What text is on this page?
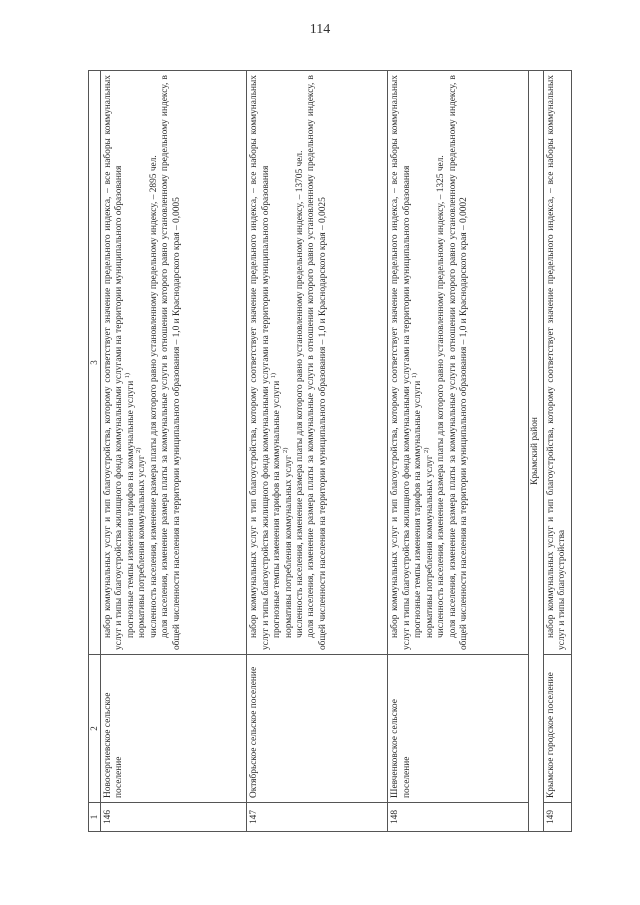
114
1	2	3
146	Новосергиевское сельское поселение	набор коммунальных услуг и тип благоустройства, которому соответствует значение предельного индекса, – все наборы коммунальных услуг и типы благоустройства жилищного фонда коммунальными услугами на территории муниципального образования прогнозные темпы изменения тарифов на коммунальные услуги $^{1)}$

нормативы потребления коммунальных услуг $^{2)}$ численность населения, изменение размера платы для которого равно установленному предельному индексу, – 2895 чел. доля населения, изменение размера платы за коммунальные услуги в отношении которого равно установленному предельному индексу, в общей численности населения на территории муниципального образования – 1,0 и Краснодарского края – 0,0005

147	Октябрьское сельское поселение	набор коммунальных услуг и тип благоустройства, которому соответствует значение предельного индекса, – все наборы коммунальных услуг и типы благоустройства жилищного фонда коммунальными услугами на территории муниципального образования прогнозные темпы изменения тарифов на коммунальные услуги $^{1)}$

нормативы потребления коммунальных услуг $^{2)}$ численность населения, изменение размера платы для которого равно установленному предельному индексу, – 13705 чел. доля населения, изменение размера платы за коммунальные услуги в отношении которого равно установленному предельному индексу, в общей численности населения на территории муниципального образования – 1,0 и Краснодарского края – 0,0025

148	Шевченковское сельское поселение	набор коммунальных услуг и тип благоустройства, которому соответствует значение предельного индекса, – все наборы коммунальных услуг и типы благоустройства жилищного фонда коммунальными услугами на территории муниципального образования прогнозные темпы изменения тарифов на коммунальные услуги $^{1)}$

нормативы потребления коммунальных услуг $^{2)}$ численность населения, изменение размера платы для которого равно установленному предельному индексу, – 1325 чел. доля населения, изменение размера платы за коммунальные услуги в отношении которого равно установленному предельному индексу, в общей численности населения на территории муниципального образования – 1,0 и Краснодарского края – 0,0002

Крымский район		
149	Крымское городское поселение	набор коммунальных услуг и тип благоустройства, которому соответствует значение предельного индекса, – все наборы коммунальных услуг и типы благоустройства
